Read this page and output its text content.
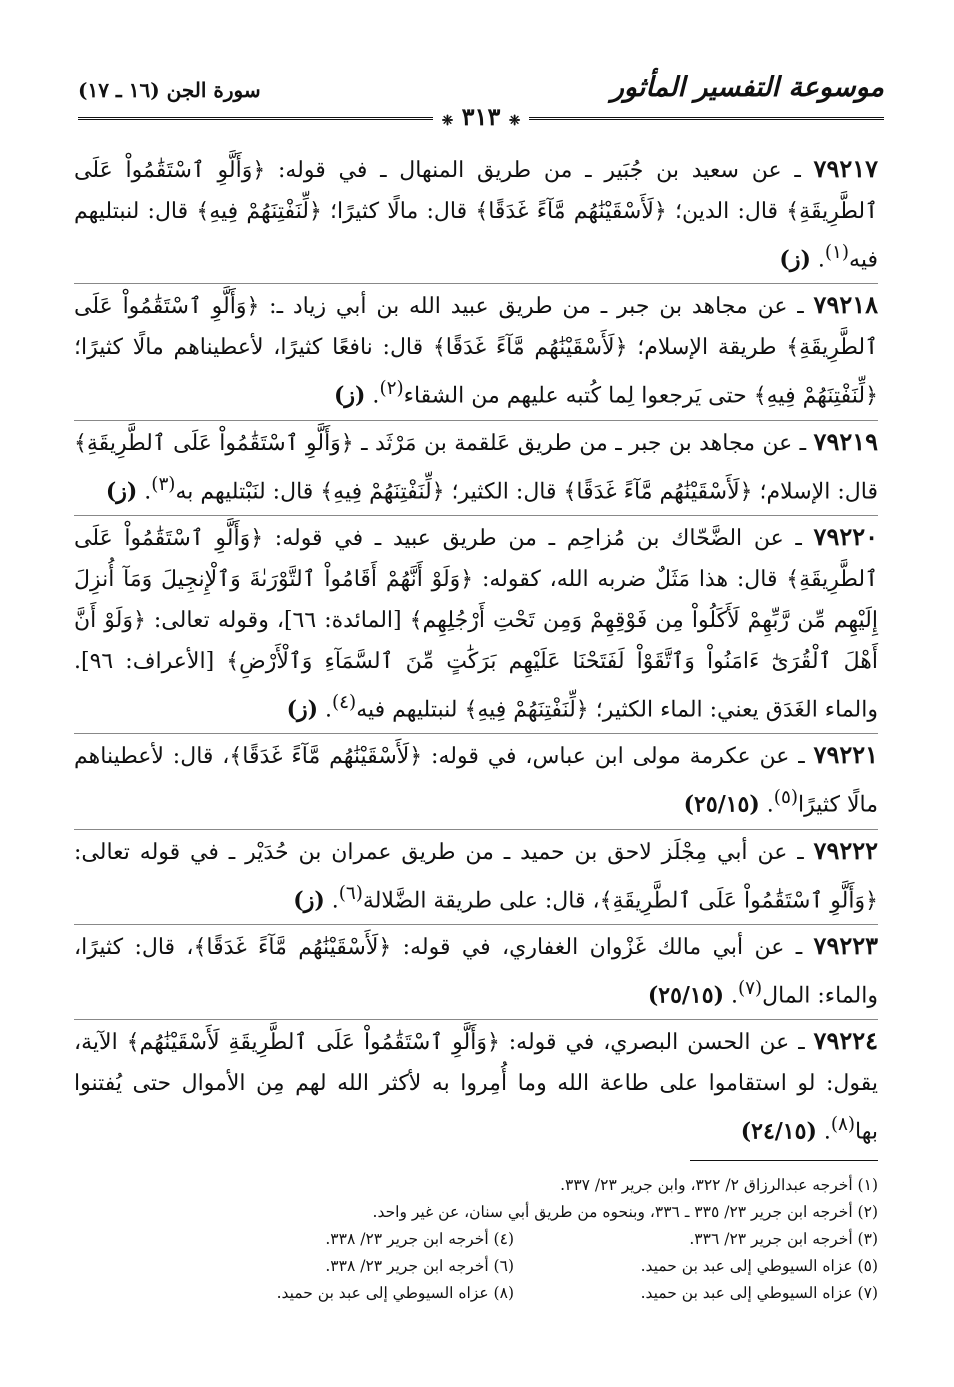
موسوعة التفسير المأثور
سورة الجن (١٦ ـ ١٧)
❈ ٣١٣ ❈
٧٩٢١٧ ـ عن سعيد بن جُبَير ـ من طريق المنهال ـ في قوله: ﴿وَأَلَّوِ ٱسْتَقَٰمُواْ عَلَى ٱلطَّرِيقَةِ﴾ قال: الدين؛ ﴿لَأَسْقَيْنَٰهُم مَّآءً غَدَقًا﴾ قال: مالًا كثيرًا؛ ﴿لِّنَفْتِنَهُمْ فِيهِ﴾ قال: لنبتليهم فيه$^{(١)}$. (ز)
٧٩٢١٨ ـ عن مجاهد بن جبر ـ من طريق عبيد الله بن أبي زياد ـ: ﴿وَأَلَّوِ ٱسْتَقَٰمُواْ عَلَى ٱلطَّرِيقَةِ﴾ طريقة الإسلام؛ ﴿لَأَسْقَيْنَٰهُم مَّآءً غَدَقًا﴾ قال: نافعًا كثيرًا، لأعطيناهم مالًا كثيرًا؛ ﴿لِّنَفْتِنَهُمْ فِيهِ﴾ حتى يَرجعوا لِما كُتبه عليهم من الشقاء$^{(٢)}$. (ز)
٧٩٢١٩ ـ عن مجاهد بن جبر ـ من طريق عَلقمة بن مَرْثَد ـ ﴿وَأَلَّوِ ٱسْتَقَٰمُواْ عَلَى ٱلطَّرِيقَةِ﴾ قال: الإسلام؛ ﴿لَأَسْقَيْنَٰهُم مَّآءً غَدَقًا﴾ قال: الكثير؛ ﴿لِّنَفْتِنَهُمْ فِيهِ﴾ قال: لنَبْتليهم به$^{(٣)}$. (ز)
٧٩٢٢٠ ـ عن الضَّحّاك بن مُزاحِم ـ من طريق عبيد ـ في قوله: ﴿وَأَلَّوِ ٱسْتَقَٰمُواْ عَلَى ٱلطَّرِيقَةِ﴾ قال: هذا مَثَلٌ ضربه الله، كقوله: ﴿وَلَوْ أَنَّهُمْ أَقَامُواْ ٱلتَّوْرَىٰةَ وَٱلْإِنجِيلَ وَمَآ أُنزِلَ إِلَيْهِم مِّن رَّبِّهِمْ لَأَكَلُواْ مِن فَوْقِهِمْ وَمِن تَحْتِ أَرْجُلِهِم﴾ [المائدة: ٦٦]، وقوله تعالى: ﴿وَلَوْ أَنَّ أَهْلَ ٱلْقُرَىٰٓ ءَامَنُواْ وَٱتَّقَوْاْ لَفَتَحْنَا عَلَيْهِم بَرَكَٰتٍ مِّنَ ٱلسَّمَآءِ وَٱلْأَرْضِ﴾ [الأعراف: ٩٦]. والماء الغَدَق يعني: الماء الكثير؛ ﴿لِّنَفْتِنَهُمْ فِيهِ﴾ لنبتليهم فيه$^{(٤)}$. (ز)
٧٩٢٢١ ـ عن عكرمة مولى ابن عباس، في قوله: ﴿لَأَسْقَيْنَٰهُم مَّآءً غَدَقًا﴾، قال: لأعطيناهم مالًا كثيرًا$^{(٥)}$. (٢٥/١٥)
٧٩٢٢٢ ـ عن أبي مِجْلَز لاحق بن حميد ـ من طريق عمران بن حُدَيْر ـ في قوله تعالى: ﴿وَأَلَّوِ ٱسْتَقَٰمُواْ عَلَى ٱلطَّرِيقَةِ﴾، قال: على طريقة الضَّلالة$^{(٦)}$. (ز)
٧٩٢٢٣ ـ عن أبي مالك غَزْوان الغفاري، في قوله: ﴿لَأَسْقَيْنَٰهُم مَّآءً غَدَقًا﴾، قال: كثيرًا، والماء: المال$^{(٧)}$. (٢٥/١٥)
٧٩٢٢٤ ـ عن الحسن البصري، في قوله: ﴿وَأَلَّوِ ٱسْتَقَٰمُواْ عَلَى ٱلطَّرِيقَةِ لَأَسْقَيْنَٰهُم﴾ الآية، يقول: لو استقاموا على طاعة الله وما أُمِروا به لأكثر الله لهم مِن الأموال حتى يُفتنوا بها$^{(٨)}$. (٢٤/١٥)
(١) أخرجه عبدالرزاق ٢/ ٣٢٢، وابن جرير ٢٣/ ٣٣٧.
(٢) أخرجه ابن جرير ٢٣/ ٣٣٥ ـ ٣٣٦، وبنحوه من طريق أبي سنان، عن غير واحد.
(٣) أخرجه ابن جرير ٢٣/ ٣٣٦.
(٤) أخرجه ابن جرير ٢٣/ ٣٣٨.
(٥) عزاه السيوطي إلى عبد بن حميد.
(٦) أخرجه ابن جرير ٢٣/ ٣٣٨.
(٧) عزاه السيوطي إلى عبد بن حميد.
(٨) عزاه السيوطي إلى عبد بن حميد.
